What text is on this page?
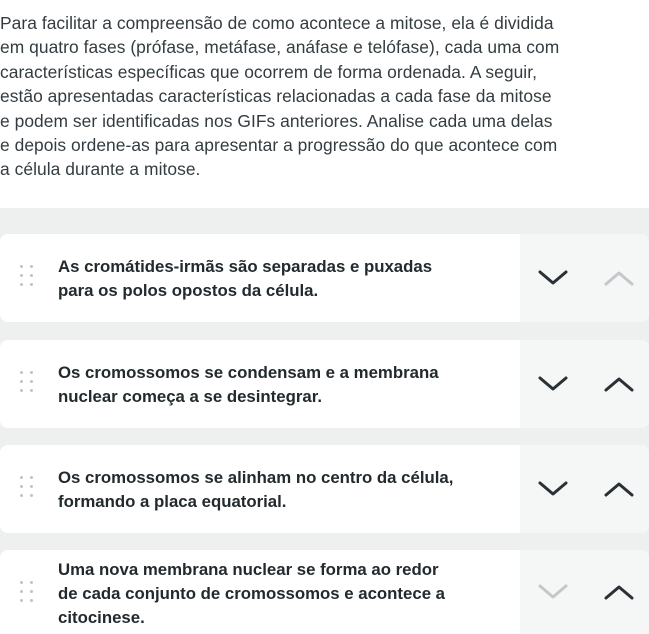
Para facilitar a compreensão de como acontece a mitose, ela é dividida
em quatro fases (prófase, metáfase, anáfase e telófase), cada uma com
características específicas que ocorrem de forma ordenada. A seguir,
estão apresentadas características relacionadas a cada fase da mitose
e podem ser identificadas nos GIFs anteriores. Analise cada uma delas
e depois ordene-as para apresentar a progressão do que acontece com
a célula durante a mitose.
As cromátides-irmãs são separadas e puxadas
para os polos opostos da célula.
Os cromossomos se condensam e a membrana
nuclear começa a se desintegrar.
Os cromossomos se alinham no centro da célula,
formando a placa equatorial.
Uma nova membrana nuclear se forma ao redor
de cada conjunto de cromossomos e acontece a
citocinese.
